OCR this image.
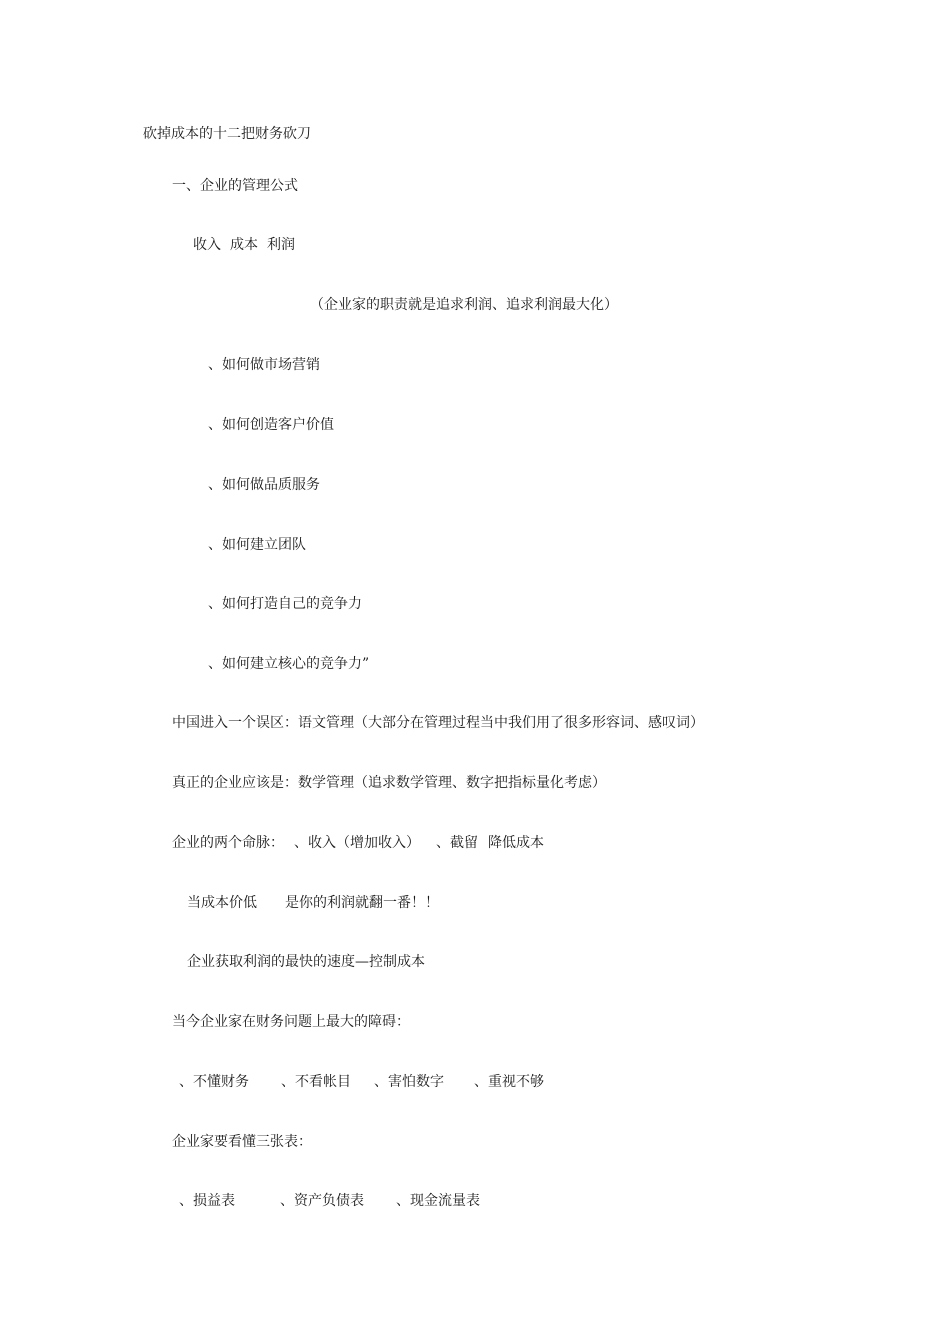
砍掉成本的十二把财务砍刀
一、企业的管理公式
收入 成本 利润
（企业家的职责就是追求利润、追求利润最大化）
、如何做市场营销
、如何创造客户价值
、如何做品质服务
、如何建立团队
、如何打造自己的竞争力
、如何建立核心的竞争力”
中国进入一个误区：语文管理（大部分在管理过程当中我们用了很多形容词、感叹词）
真正的企业应该是：数学管理（追求数学管理、数字把指标量化考虑）
企业的两个命脉： 、收入（增加收入） 、截留 降低成本
当成本价低 是你的利润就翻一番！！
企业获取利润的最快的速度—控制成本
当今企业家在财务问题上最大的障碍：
、不懂财务 、不看帐目 、害怕数字 、重视不够
企业家要看懂三张表：
、损益表	、资产负债表 、现金流量表
